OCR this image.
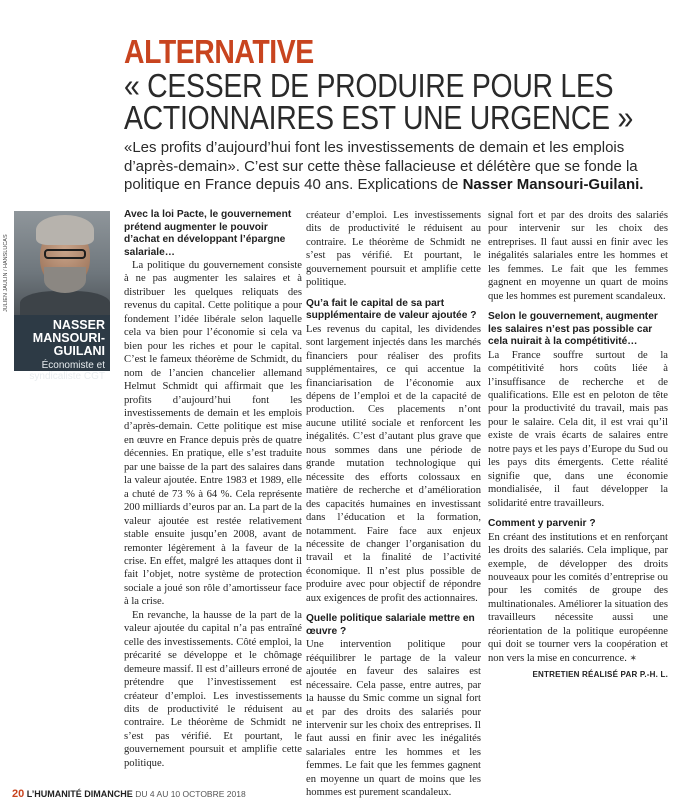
ALTERNATIVE
« CESSER DE PRODUIRE POUR LES ACTIONNAIRES EST UNE URGENCE »
«Les profits d’aujourd’hui font les investissements de demain et les emplois d’après-demain». C’est sur cette thèse fallacieuse et délétère que se fonde la politique en France depuis 40 ans. Explications de Nasser Mansouri-Guilani.
JULIEN JAULIN / HANSLUCAS
NASSER MANSOURI-GUILANI
Économiste et syndicaliste CGT

Avec la loi Pacte, le gouvernement prétend augmenter le pouvoir d’achat en développant l’épargne salariale…

La politique du gouvernement consiste à ne pas augmenter les salaires et à distribuer les quelques reliquats des revenus du capital. Cette politique a pour fondement l’idée libérale selon laquelle cela va bien pour l’économie si cela va bien pour les riches et pour le capital. C’est le fameux théorème de Schmidt, du nom de l’ancien chancelier allemand Helmut Schmidt qui affirmait que les profits d’aujourd’hui font les investissements de demain et les emplois d’après-demain. Cette politique est mise en œuvre en France depuis près de quatre décennies. En pratique, elle s’est traduite par une baisse de la part des salaires dans la valeur ajoutée. Entre 1983 et 1989, elle a chuté de 73 % à 64 %. Cela représente 200 milliards d’euros par an. La part de la valeur ajoutée est restée relativement stable ensuite jusqu’en 2008, avant de remonter légèrement à la faveur de la crise. En effet, malgré les attaques dont il fait l’objet, notre système de protection sociale a joué son rôle d’amortisseur face à la crise.

En revanche, la hausse de la part de la valeur ajoutée du capital n’a pas entraîné celle des investissements. Côté emploi, la précarité se développe et le chômage demeure massif. Il est d’ailleurs erroné de prétendre que l’investissement est créateur d’emploi. Les investissements dits de productivité le réduisent au contraire. Le théorème de Schmidt ne s’est pas vérifié. Et pourtant, le gouvernement poursuit et amplifie cette politique.

créateur d’emploi. Les investissements dits de productivité le réduisent au contraire. Le théorème de Schmidt ne s’est pas vérifié. Et pourtant, le gouvernement poursuit et amplifie cette politique.

Qu’a fait le capital de sa part supplémentaire de valeur ajoutée ?

Les revenus du capital, les dividendes sont largement injectés dans les marchés financiers pour réaliser des profits supplémentaires, ce qui accentue la financiarisation de l’économie aux dépens de l’emploi et de la capacité de production. Ces placements n’ont aucune utilité sociale et renforcent les inégalités. C’est d’autant plus grave que nous sommes dans une période de grande mutation technologique qui nécessite des efforts colossaux en matière de recherche et d’amélioration des capacités humaines en investissant dans l’éducation et la formation, notamment. Faire face aux enjeux nécessite de changer l’organisation du travail et la finalité de l’activité économique. Il n’est plus possible de produire avec pour objectif de répondre aux exigences de profit des actionnaires.

Quelle politique salariale mettre en œuvre ?

Une intervention politique pour rééquilibrer le partage de la valeur ajoutée en faveur des salaires est nécessaire. Cela passe, entre autres, par la hausse du Smic comme un signal fort et par des droits des salariés pour intervenir sur les choix des entreprises. Il faut aussi en finir avec les inégalités salariales entre les hommes et les femmes. Le fait que les femmes gagnent en moyenne un quart de moins que les hommes est purement scandaleux.

signal fort et par des droits des salariés pour intervenir sur les choix des entreprises. Il faut aussi en finir avec les inégalités salariales entre les hommes et les femmes. Le fait que les femmes gagnent en moyenne un quart de moins que les hommes est purement scandaleux.

Selon le gouvernement, augmenter les salaires n’est pas possible car cela nuirait à la compétitivité…

La France souffre surtout de la compétitivité hors coûts liée à l’insuffisance de recherche et de qualifications. Elle est en peloton de tête pour la productivité du travail, mais pas pour le salaire. Cela dit, il est vrai qu’il existe de vrais écarts de salaires entre notre pays et les pays d’Europe du Sud ou les pays dits émergents. Cette réalité signifie que, dans une économie mondialisée, il faut développer la solidarité entre travailleurs.

Comment y parvenir ?

En créant des institutions et en renforçant les droits des salariés. Cela implique, par exemple, de développer des droits nouveaux pour les comités d’entreprise ou pour les comités de groupe des multinationales. Améliorer la situation des travailleurs nécessite aussi une réorientation de la politique européenne qui doit se tourner vers la coopération et non vers la mise en concurrence. ✶

ENTRETIEN RÉALISÉ PAR P.-H. L.
20 L’HUMANITÉ DIMANCHE DU 4 AU 10 OCTOBRE 2018
